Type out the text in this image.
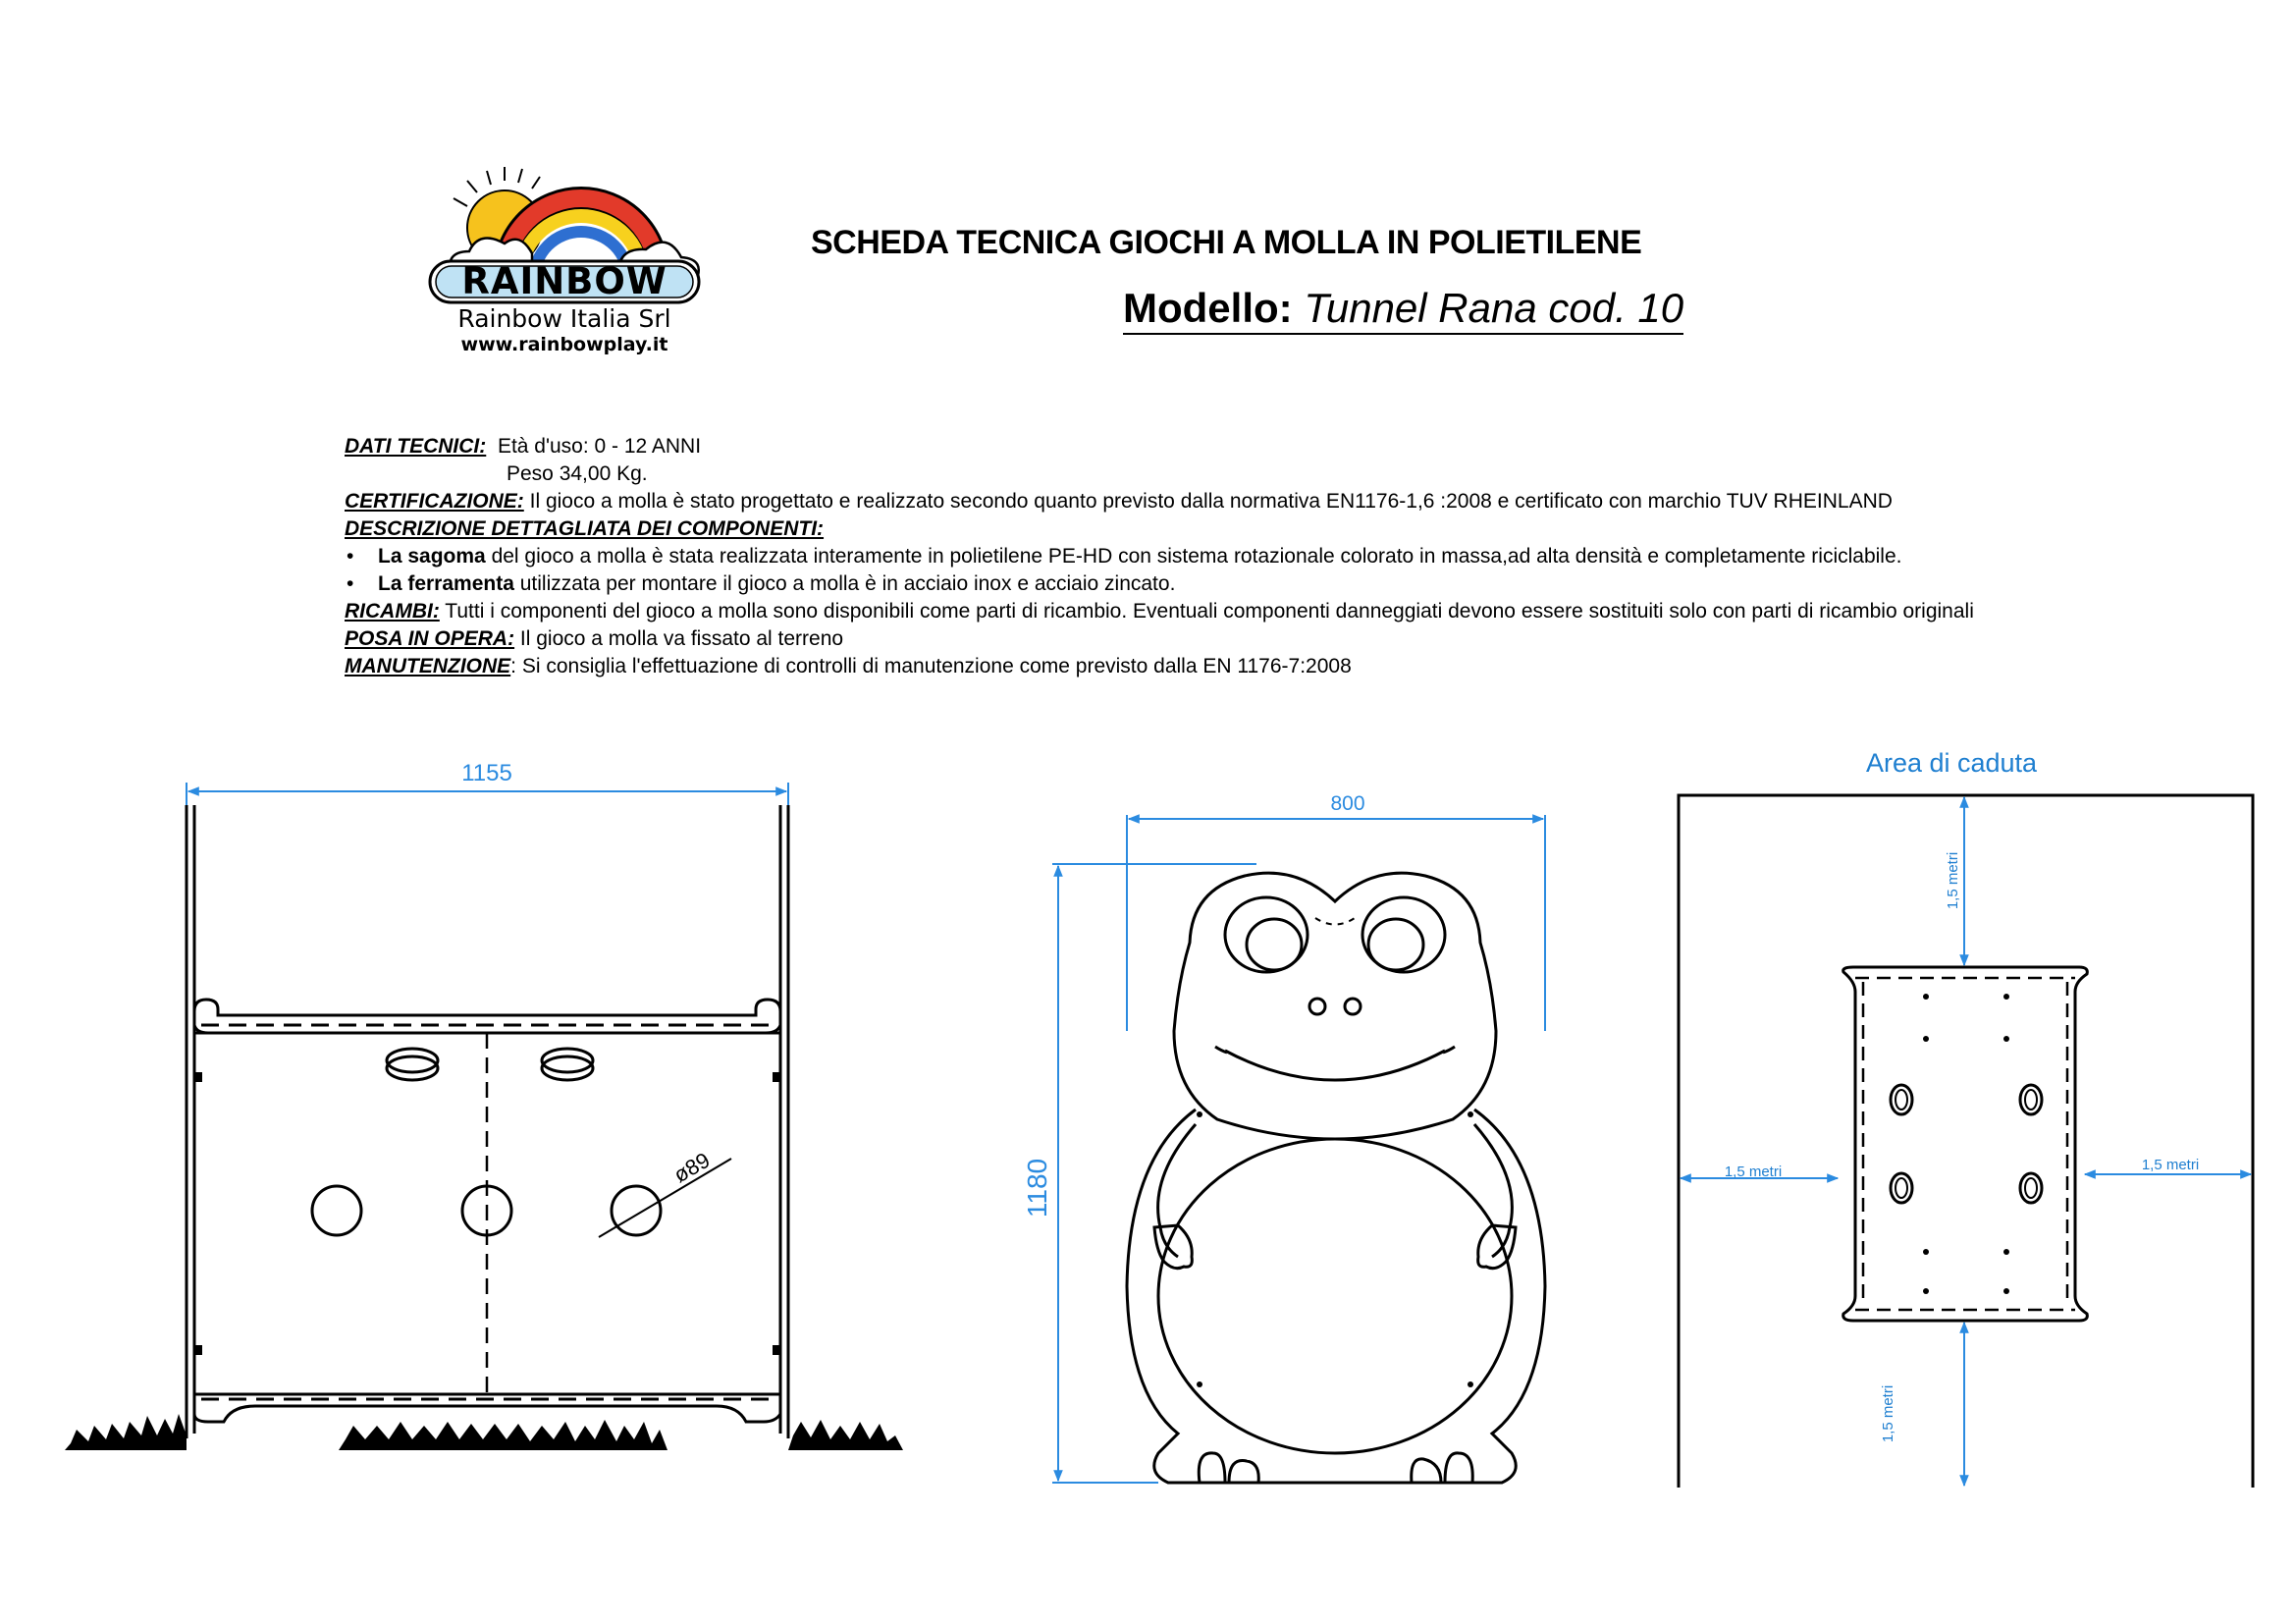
RAINBOW
Rainbow Italia Srl
www.rainbowplay.it
SCHEDA TECNICA GIOCHI A MOLLA IN POLIETILENE
Modello: Tunnel Rana cod. 10
DATI TECNICI: Età d'uso: 0 - 12 ANNI
Peso 34,00 Kg.
CERTIFICAZIONE: Il gioco a molla è stato progettato e realizzato secondo quanto previsto dalla normativa EN1176-1,6 :2008 e certificato con marchio TUV RHEINLAND
DESCRIZIONE DETTAGLIATA DEI COMPONENTI:
• La sagoma del gioco a molla è stata realizzata interamente in polietilene PE-HD con sistema rotazionale colorato in massa,ad alta densità e completamente riciclabile.
• La ferramenta utilizzata per montare il gioco a molla è in acciaio inox e acciaio zincato.
RICAMBI: Tutti i componenti del gioco a molla sono disponibili come parti di ricambio. Eventuali componenti danneggiati devono essere sostituiti solo con parti di ricambio originali
POSA IN OPERA: Il gioco a molla va fissato al terreno
MANUTENZIONE: Si consiglia l'effettuazione di controlli di manutenzione come previsto dalla EN 1176-7:2008
1155
ø89
800
1180
Area di caduta
1,5 metri
1,5 metri	1,5 metri
1,5 metri
